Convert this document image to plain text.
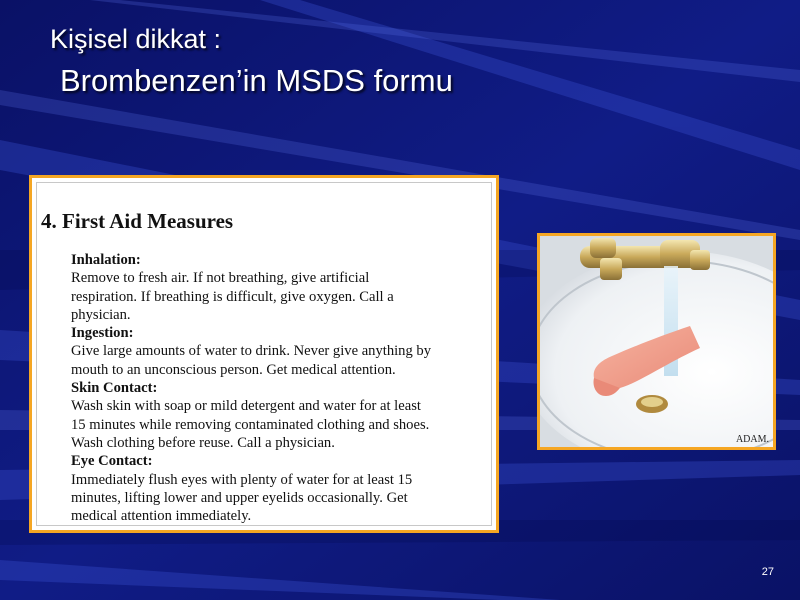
Kişisel dikkat :
Brombenzen’in MSDS formu
4. First Aid Measures
Inhalation:
Remove to fresh air. If not breathing, give artificial
respiration. If breathing is difficult, give oxygen. Call a
physician.
Ingestion:
Give large amounts of water to drink. Never give anything by
mouth to an unconscious person. Get medical attention.
Skin Contact:
Wash skin with soap or mild detergent and water for at least
15 minutes while removing contaminated clothing and shoes.
Wash clothing before reuse. Call a physician.
Eye Contact:
Immediately flush eyes with plenty of water for at least 15
minutes, lifting lower and upper eyelids occasionally. Get
medical attention immediately.
ADAM.
27
